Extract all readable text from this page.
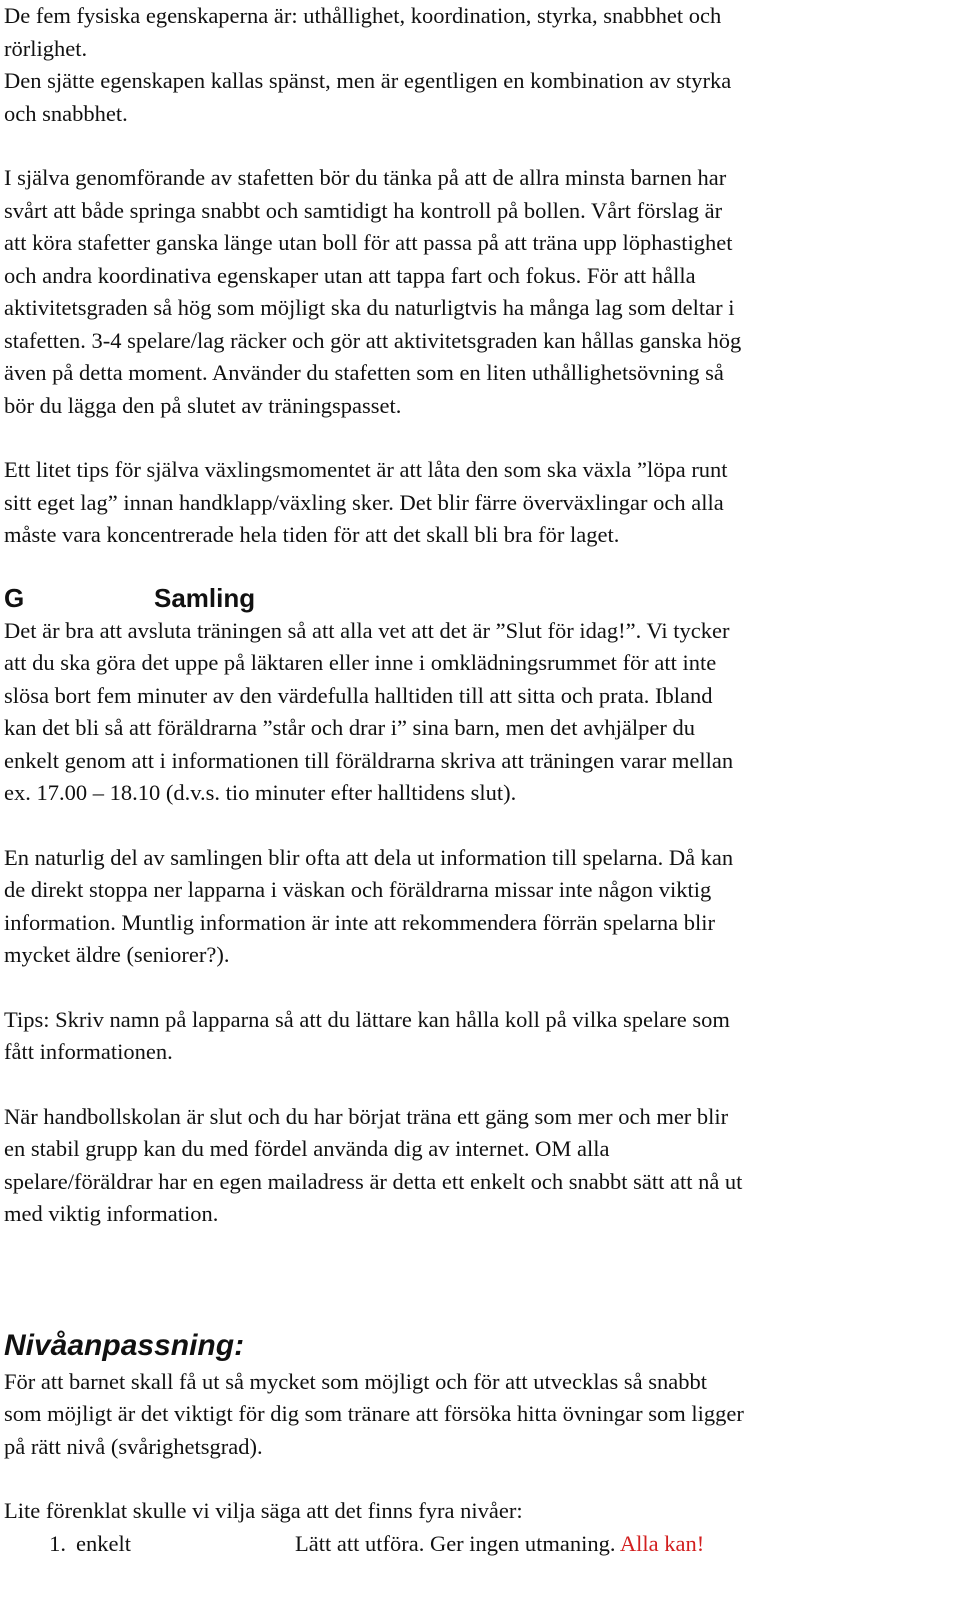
De fem fysiska egenskaperna är: uthållighet, koordination, styrka, snabbhet och
rörlighet.
Den sjätte egenskapen kallas spänst, men är egentligen en kombination av styrka
och snabbhet.

I själva genomförande av stafetten bör du tänka på att de allra minsta barnen har
svårt att både springa snabbt och samtidigt ha kontroll på bollen. Vårt förslag är
att köra stafetter ganska länge utan boll för att passa på att träna upp löphastighet
och andra koordinativa egenskaper utan att tappa fart och fokus. För att hålla
aktivitetsgraden så hög som möjligt ska du naturligtvis ha många lag som deltar i
stafetten. 3-4 spelare/lag räcker och gör att aktivitetsgraden kan hållas ganska hög
även på detta moment. Använder du stafetten som en liten uthållighetsövning så
bör du lägga den på slutet av träningspasset.

Ett litet tips för själva växlingsmomentet är att låta den som ska växla ”löpa runt
sitt eget lag” innan handklapp/växling sker. Det blir färre överväxlingar och alla
måste vara koncentrerade hela tiden för att det skall bli bra för laget.

G	Samling

Det är bra att avsluta träningen så att alla vet att det är ”Slut för idag!”. Vi tycker
att du ska göra det uppe på läktaren eller inne i omklädningsrummet för att inte
slösa bort fem minuter av den värdefulla halltiden till att sitta och prata. Ibland
kan det bli så att föräldrarna ”står och drar i” sina barn, men det avhjälper du
enkelt genom att i informationen till föräldrarna skriva att träningen varar mellan
ex. 17.00 – 18.10 (d.v.s. tio minuter efter halltidens slut).

En naturlig del av samlingen blir ofta att dela ut information till spelarna. Då kan
de direkt stoppa ner lapparna i väskan och föräldrarna missar inte någon viktig
information. Muntlig information är inte att rekommendera förrän spelarna blir
mycket äldre (seniorer?).

Tips: Skriv namn på lapparna så att du lättare kan hålla koll på vilka spelare som
fått informationen.

När handbollskolan är slut och du har börjat träna ett gäng som mer och mer blir
en stabil grupp kan du med fördel använda dig av internet. OM alla
spelare/föräldrar har en egen mailadress är detta ett enkelt och snabbt sätt att nå ut
med viktig information.

Nivåanpassning:

För att barnet skall få ut så mycket som möjligt och för att utvecklas så snabbt
som möjligt är det viktigt för dig som tränare att försöka hitta övningar som ligger
på rätt nivå (svårighetsgrad).

Lite förenklat skulle vi vilja säga att det finns fyra nivåer:

1. enkelt	Lätt att utföra. Ger ingen utmaning. Alla kan!
